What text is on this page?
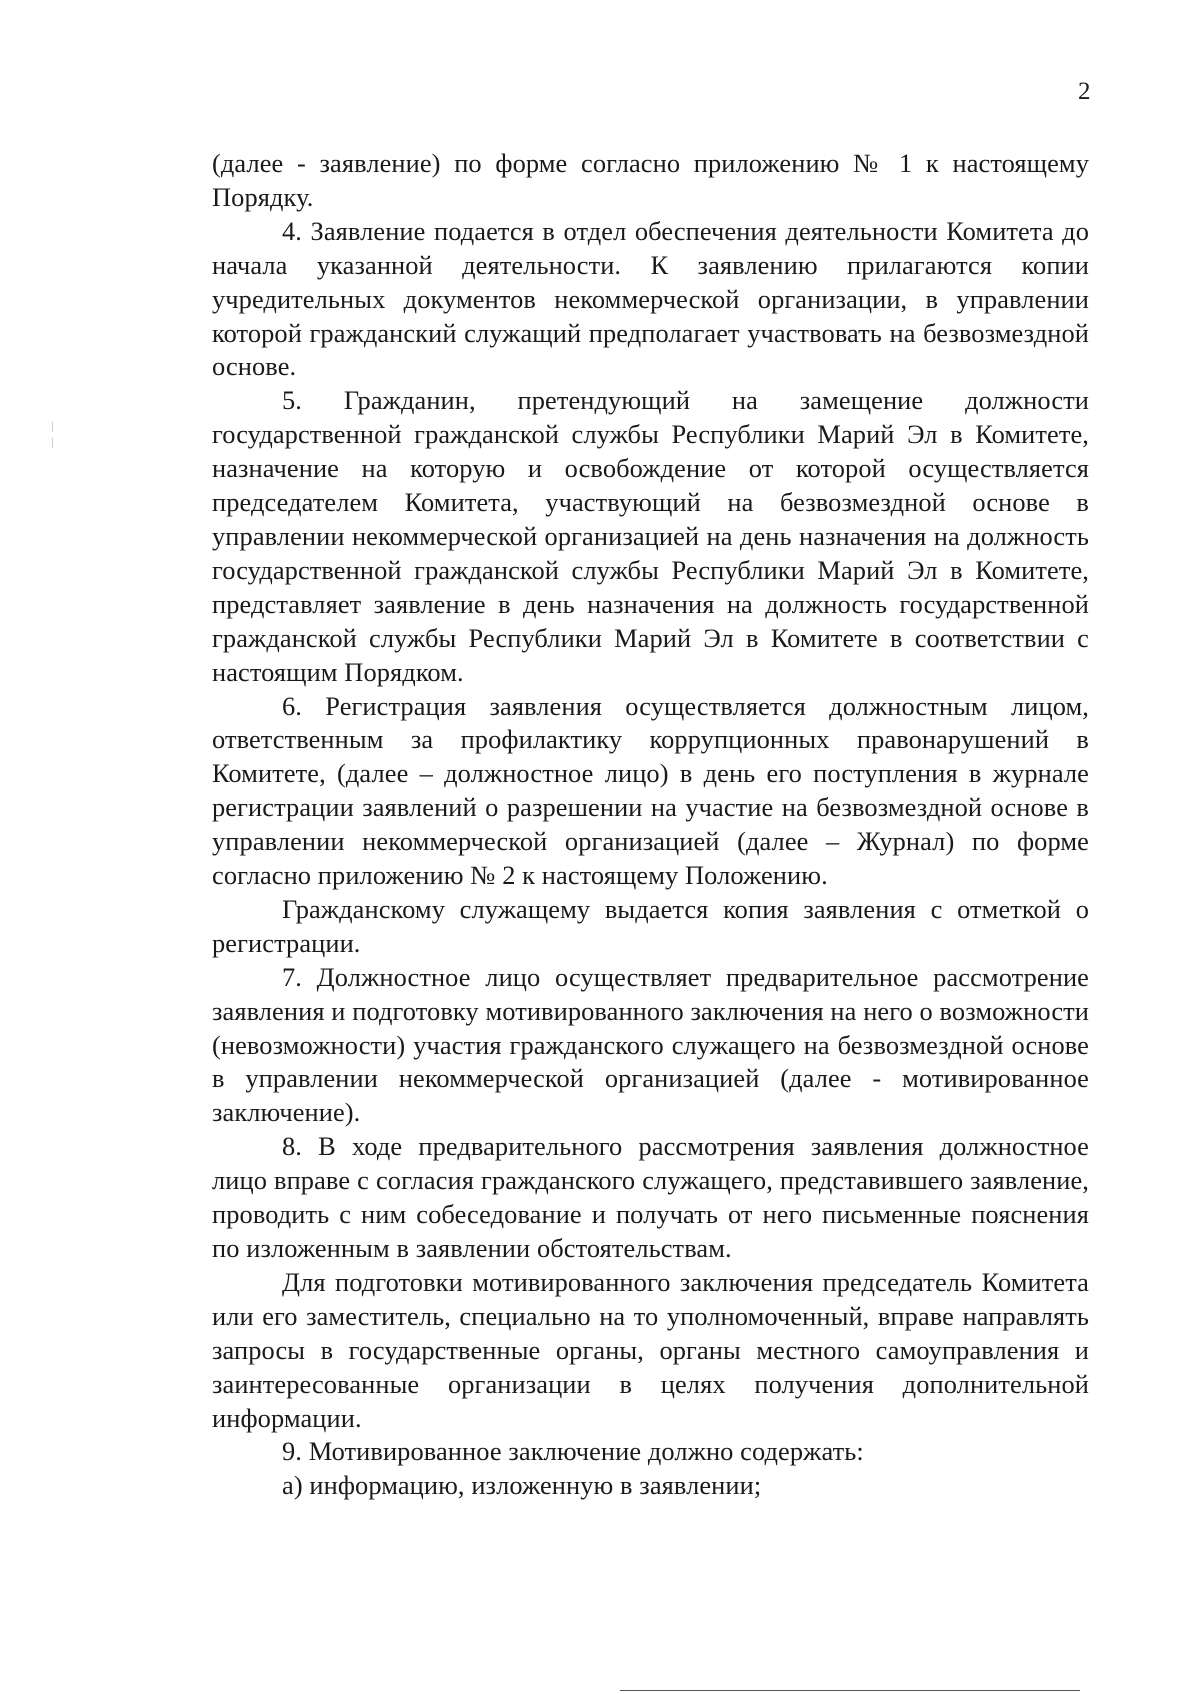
2

(далее - заявление) по форме согласно приложению № 1 к настоящему Порядку.

4. Заявление подается в отдел обеспечения деятельности Комитета до начала указанной деятельности. К заявлению прилагаются копии учредительных документов некоммерческой организации, в управлении которой гражданский служащий предполагает участвовать на безвозмездной основе.

5. Гражданин, претендующий на замещение должности государственной гражданской службы Республики Марий Эл в Комитете, назначение на которую и освобождение от которой осуществляется председателем Комитета, участвующий на безвозмездной основе в управлении некоммерческой организацией на день назначения на должность государственной гражданской службы Республики Марий Эл в Комитете, представляет заявление в день назначения на должность государственной гражданской службы Республики Марий Эл в Комитете в соответствии с настоящим Порядком.

6. Регистрация заявления осуществляется должностным лицом, ответственным за профилактику коррупционных правонарушений в Комитете, (далее – должностное лицо) в день его поступления в журнале регистрации заявлений о разрешении на участие на безвозмездной основе в управлении некоммерческой организацией (далее – Журнал) по форме согласно приложению № 2 к настоящему Положению.

Гражданскому служащему выдается копия заявления с отметкой о регистрации.

7. Должностное лицо осуществляет предварительное рассмотрение заявления и подготовку мотивированного заключения на него о возможности (невозможности) участия гражданского служащего на безвозмездной основе в управлении некоммерческой организацией (далее - мотивированное заключение).

8. В ходе предварительного рассмотрения заявления должностное лицо вправе с согласия гражданского служащего, представившего заявление, проводить с ним собеседование и получать от него письменные пояснения по изложенным в заявлении обстоятельствам.

Для подготовки мотивированного заключения председатель Комитета или его заместитель, специально на то уполномоченный, вправе направлять запросы в государственные органы, органы местного самоуправления и заинтересованные организации в целях получения дополнительной информации.

9. Мотивированное заключение должно содержать:

а) информацию, изложенную в заявлении;
